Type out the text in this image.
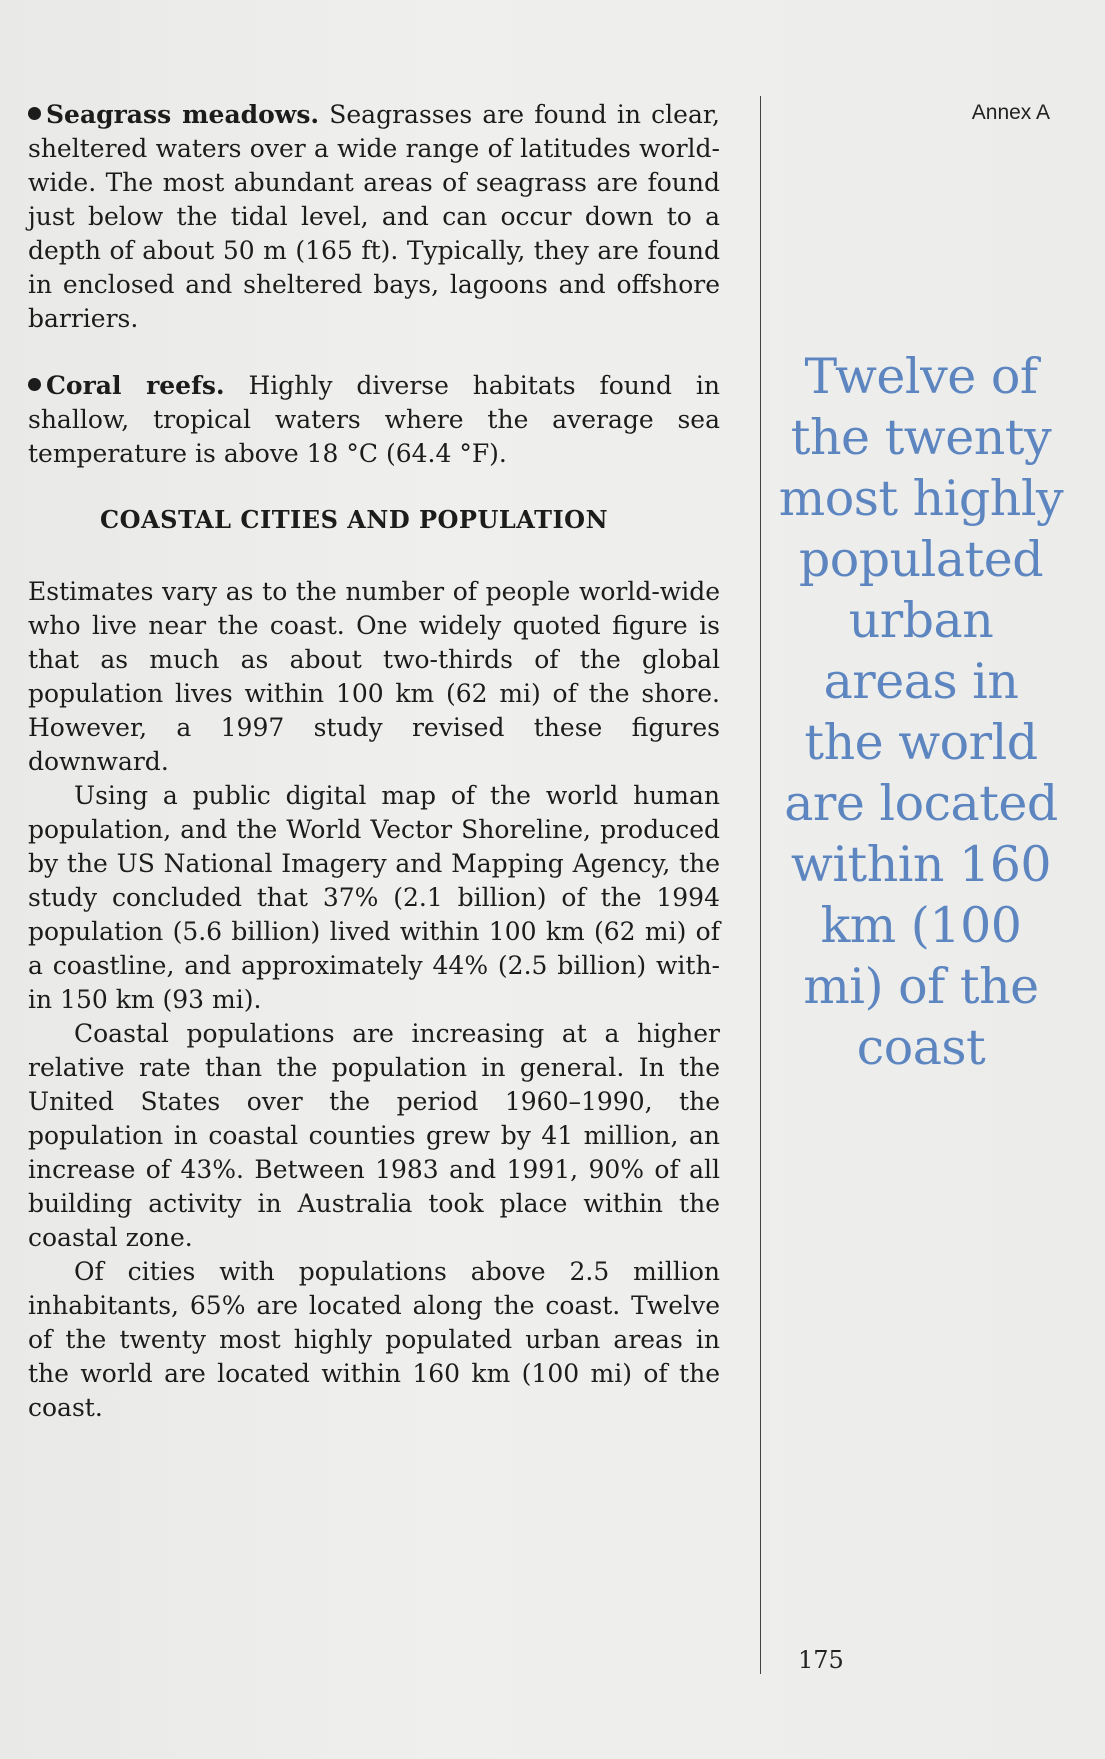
Seagrass meadows. Seagrasses are found in clear, sheltered waters over a wide range of latitudes world-wide. The most abundant areas of seagrass are found just below the tidal level, and can occur down to a depth of about 50 m (165 ft). Typically, they are found in enclosed and sheltered bays, lagoons and offshore barriers.

Coral reefs. Highly diverse habitats found in shallow, tropical waters where the average sea temperature is above 18 °C (64.4 °F).

COASTAL CITIES AND POPULATION

Estimates vary as to the number of people world-wide who live near the coast. One widely quoted figure is that as much as about two-thirds of the global population lives within 100 km (62 mi) of the shore. However, a 1997 study revised these figures downward.

Using a public digital map of the world human population, and the World Vector Shoreline, produced by the US National Imagery and Mapping Agency, the study concluded that 37% (2.1 billion) of the 1994 population (5.6 billion) lived within 100 km (62 mi) of a coastline, and approximately 44% (2.5 billion) with-in 150 km (93 mi).

Coastal populations are increasing at a higher relative rate than the population in general. In the United States over the period 1960–1990, the population in coastal counties grew by 41 million, an increase of 43%. Between 1983 and 1991, 90% of all building activity in Australia took place within the coastal zone.

Of cities with populations above 2.5 million inhabitants, 65% are located along the coast. Twelve of the twenty most highly populated urban areas in the world are located within 160 km (100 mi) of the coast.

Annex A
Twelve of the twenty most highly populated urban areas in the world are located within 160 km (100 mi) of the coast
175
